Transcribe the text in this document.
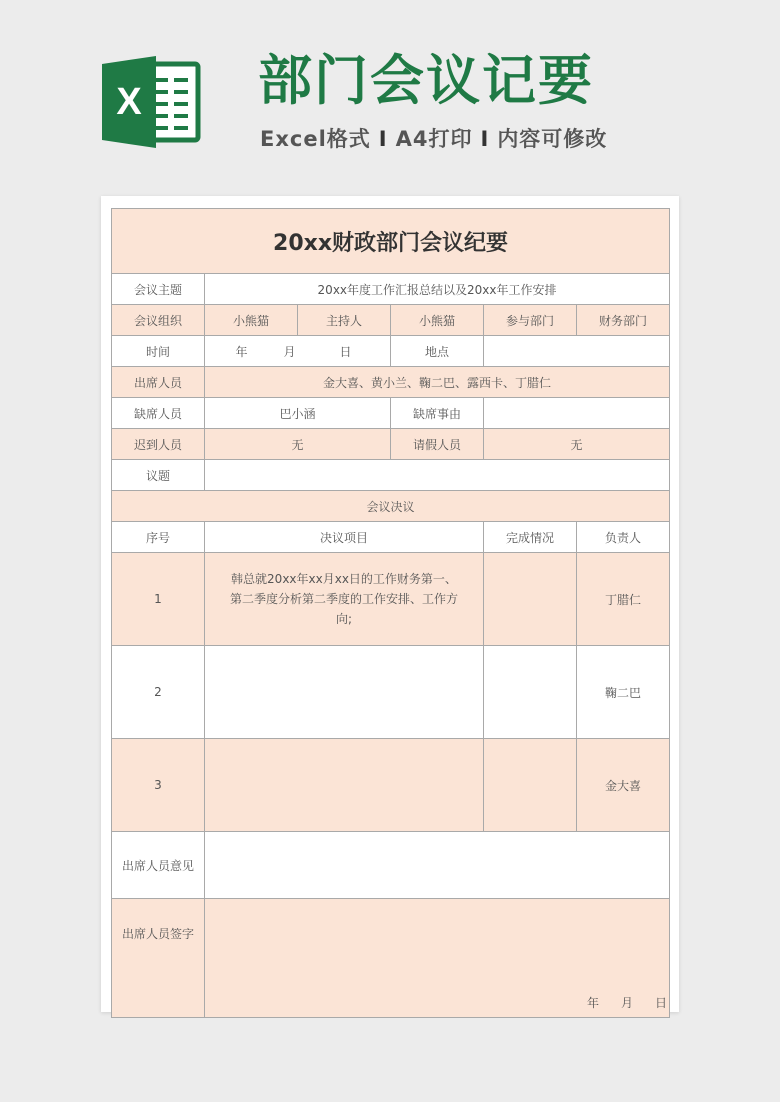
X 部门会议记要
Excel格式 I A4打印 I 内容可修改
20xx财政部门会议纪要					
会议主题	20xx年度工作汇报总结以及20xx年工作安排				
会议组织	小熊猫	主持人	小熊猫	参与部门	财务部门
时间	年 月 日		地点		
出席人员	金大喜、黄小兰、鞠二巴、露西卡、丁腊仁				
缺席人员	巴小涵		缺席事由		
迟到人员	无		请假人员	无	
议题					
会议决议					
序号	决议项目			完成情况	负责人
1	韩总就20xx年xx月xx日的工作财务第一、第二季度分析第二季度的工作安排、工作方向;				丁腊仁
2					鞠二巴
3					金大喜
出席人员意见					
出席人员签字	年 月 日				
